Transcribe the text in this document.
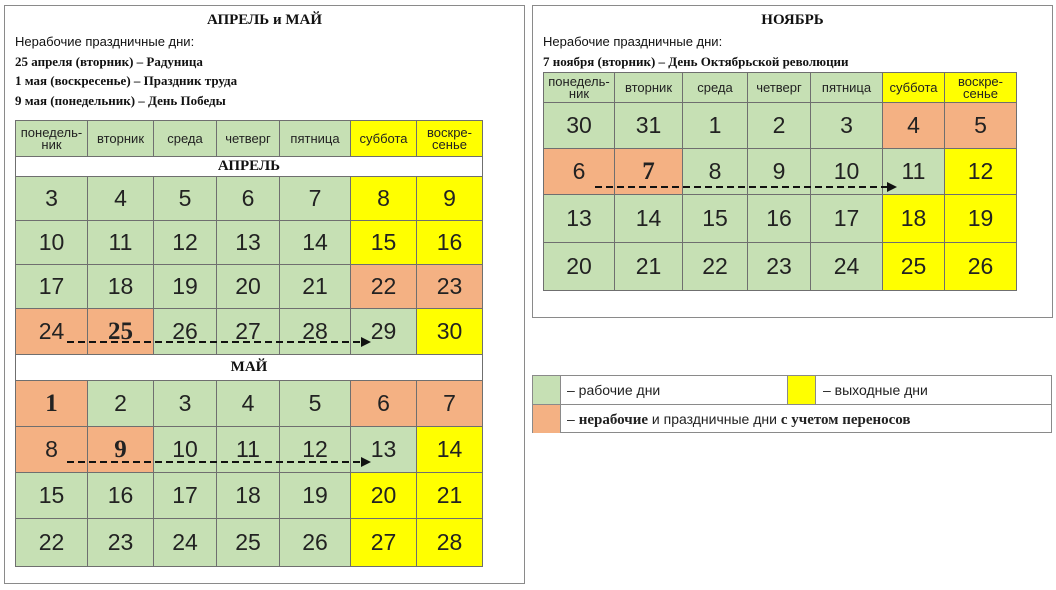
АПРЕЛЬ и МАЙ
Нерабочие праздничные дни:
25 апреля (вторник) – Радуница
1 мая (воскресенье) – Праздник труда
9 мая (понедельник) – День Победы
понедель-
ник	вторник	среда	четверг	пятница	суббота	воскре-
сенье
АПРЕЛЬ						
3	4	5	6	7	8	9
10	11	12	13	14	15	16
17	18	19	20	21	22	23
24	25	26	27	28	29	30
МАЙ						
1	2	3	4	5	6	7
8	9	10	11	12	13	14
15	16	17	18	19	20	21
22	23	24	25	26	27	28
НОЯБРЬ
Нерабочие праздничные дни:
7 ноября (вторник) – День Октябрьской революции
понедель-
ник	вторник	среда	четверг	пятница	суббота	воскре-
сенье
30	31	1	2	3	4	5
6	7	8	9	10	11	12
13	14	15	16	17	18	19
20	21	22	23	24	25	26
– рабочие дни	– выходные дни
– нерабочие и праздничные дни с учетом переносов
